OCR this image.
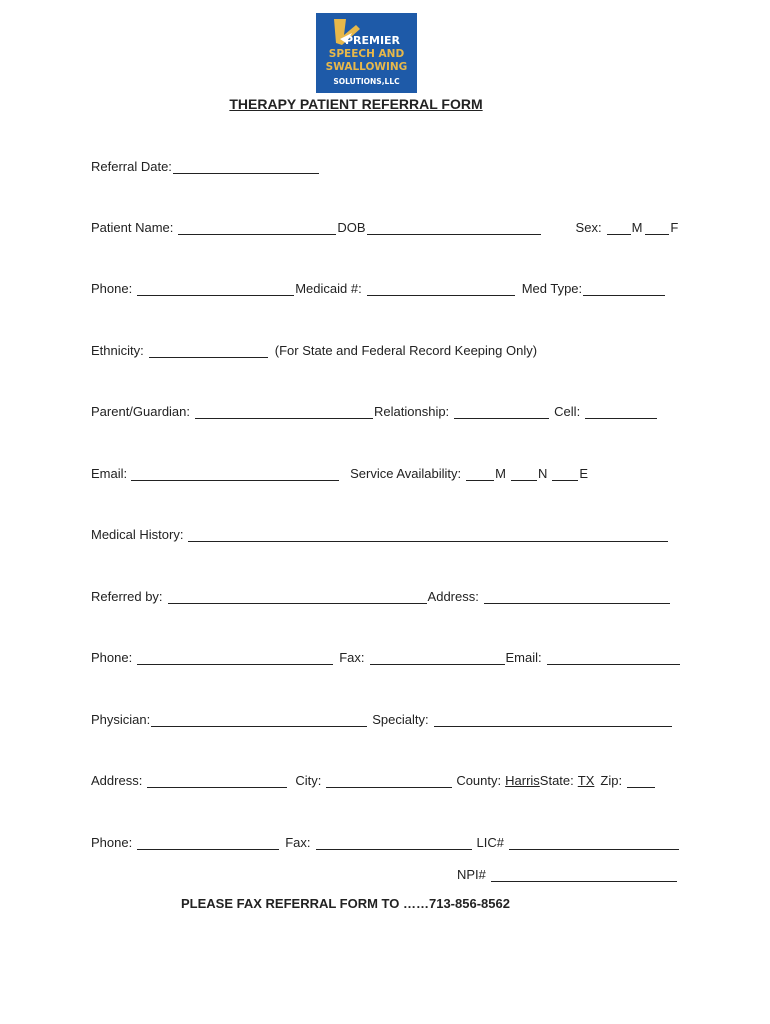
PREMIER
SPEECH AND
SWALLOWING
SOLUTIONS,LLC
THERAPY PATIENT REFERRAL FORM
Referral Date:
Patient Name:	DOB	Sex: M F
Phone:	Medicaid #:	Med Type:
Ethnicity:	(For State and Federal Record Keeping Only)
Parent/Guardian:	Relationship:	Cell:
Email:	Service Availability:	M N E
Medical History:
Referred by:	Address:
Phone:	Fax:	Email:
Physician:	Specialty:
Address:	City:	County: Harris State: TX Zip:
Phone:	Fax:	LIC#
NPI#
PLEASE FAX REFERRAL FORM TO ……713-856-8562
